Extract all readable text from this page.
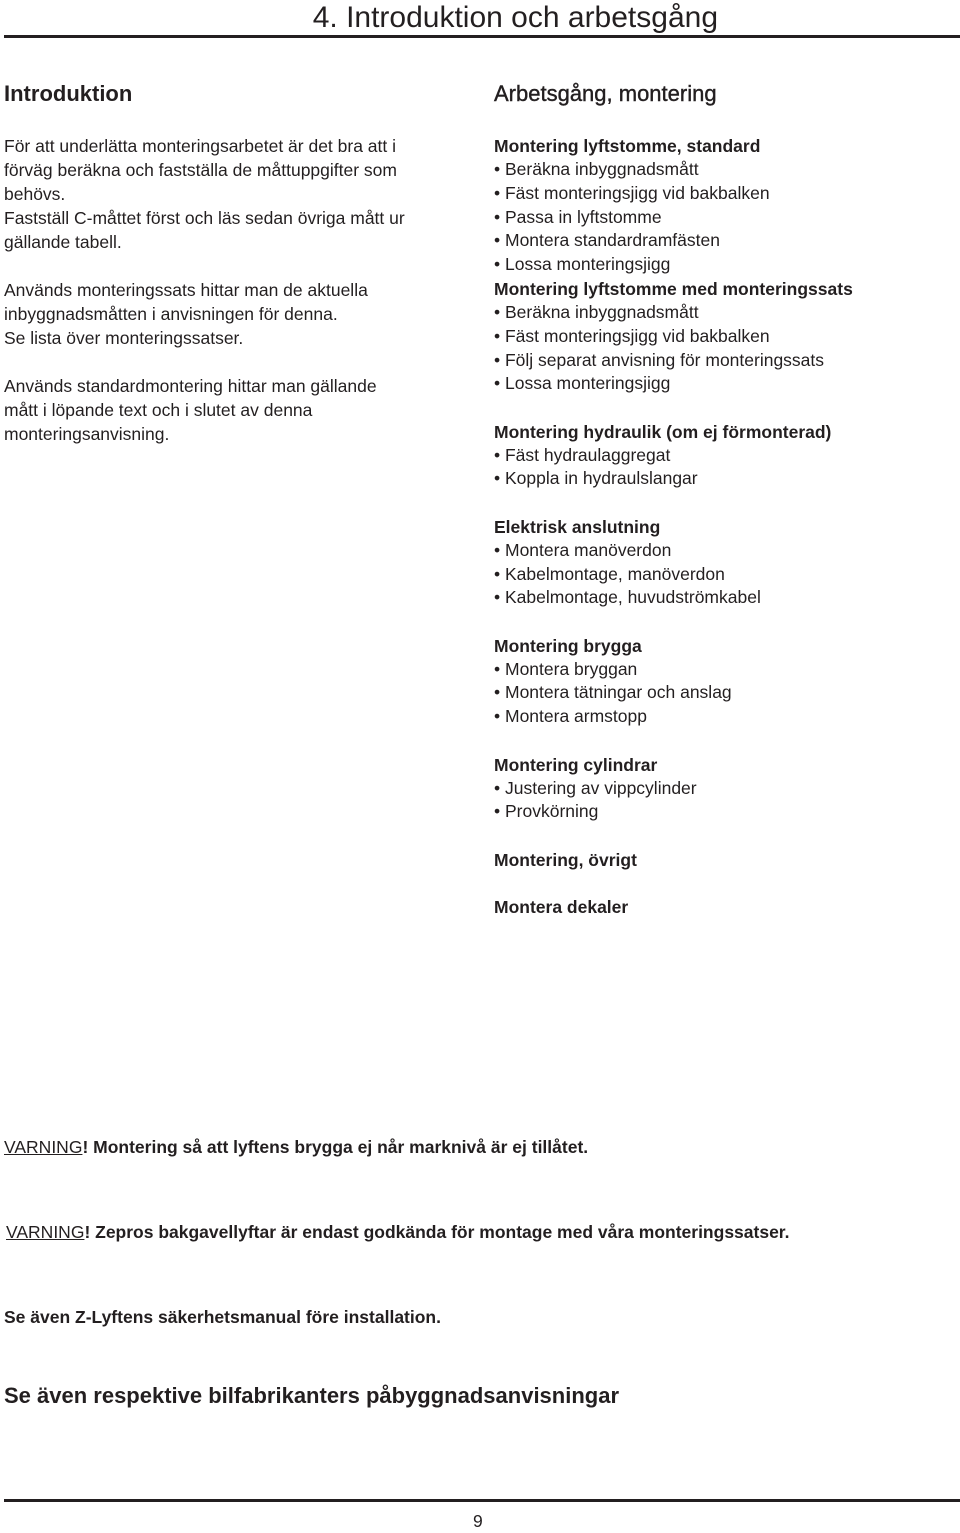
4. Introduktion och arbetsgång
Introduktion
För att underlätta monteringsarbetet är det bra att i
förväg beräkna och fastställa de måttuppgifter som
behövs.
Fastställ C-måttet först och läs sedan övriga mått ur
gällande tabell.
Används monteringssats hittar man de aktuella
inbyggnadsmåtten i anvisningen för denna.
Se lista över monteringssatser.
Används standardmontering hittar man gällande
mått i löpande text och i slutet av denna
monteringsanvisning.
Arbetsgång, montering
Montering lyftstomme, standard
• Beräkna inbyggnadsmått
• Fäst monteringsjigg vid bakbalken
• Passa in lyftstomme
• Montera standardramfästen
• Lossa monteringsjigg
Montering lyftstomme med monteringssats
• Beräkna inbyggnadsmått
• Fäst monteringsjigg vid bakbalken
• Följ separat anvisning för monteringssats
• Lossa monteringsjigg
Montering hydraulik (om ej förmonterad)
• Fäst hydraulaggregat
• Koppla in hydraulslangar
Elektrisk anslutning
• Montera manöverdon
• Kabelmontage, manöverdon
• Kabelmontage, huvudströmkabel
Montering brygga
• Montera bryggan
• Montera tätningar och anslag
• Montera armstopp
Montering cylindrar
• Justering av vippcylinder
• Provkörning
Montering, övrigt
Montera dekaler
VARNING! Montering så att lyftens brygga ej når marknivå är ej tillåtet.
VARNING! Zepros bakgavellyftar är endast godkända för montage med våra monteringssatser.
Se även Z-Lyftens säkerhetsmanual före installation.
Se även respektive bilfabrikanters påbyggnadsanvisningar
9
